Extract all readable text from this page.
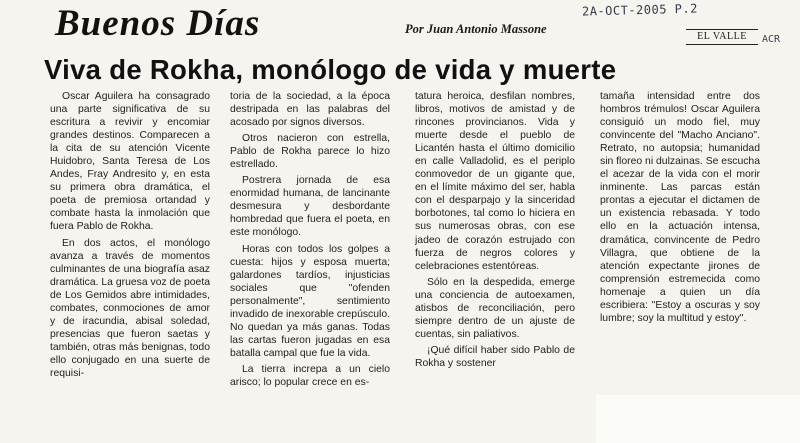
Buenos Días	Por Juan Antonio Massone
2A-OCT-2005 P.2
EL VALLE	ACR
Viva de Rokha, monólogo de vida y muerte

Oscar Aguilera ha consagrado una parte significativa de su escritura a revivir y encomiar grandes destinos. Comparecen a la cita de su atención Vicente Huidobro, Santa Teresa de Los Andes, Fray Andresito y, en esta su primera obra dramática, el poeta de premiosa ortandad y combate hasta la inmolación que fuera Pablo de Rokha.

En dos actos, el monólogo avanza a través de momentos culminantes de una biografía asaz dramática. La gruesa voz de poeta de Los Gemidos abre intimidades, combates, conmociones de amor y de iracundia, abisal soledad, presencias que fueron saetas y también, otras más benignas, todo ello conjugado en una suerte de requisi-

toria de la sociedad, a la época destripada en las palabras del acosado por signos diversos.

Otros nacieron con estrella, Pablo de Rokha parece lo hizo estrellado.

Postrera jornada de esa enormidad humana, de lancinante desmesura y desbordante hombredad que fuera el poeta, en este monólogo.

Horas con todos los golpes a cuesta: hijos y esposa muerta; galardones tardíos, injusticias sociales que "ofenden personalmente", sentimiento invadido de inexorable crepúsculo. No quedan ya más ganas. Todas las cartas fueron jugadas en esa batalla campal que fue la vida.

La tierra increpa a un cielo arisco; lo popular crece en es-

tatura heroica, desfilan nombres, libros, motivos de amistad y de rincones provincianos. Vida y muerte desde el pueblo de Licantén hasta el último domicilio en calle Valladolid, es el periplo conmovedor de un gigante que, en el límite máximo del ser, habla con el desparpajo y la sinceridad borbotones, tal como lo hiciera en sus numerosas obras, con ese jadeo de corazón estrujado con fuerza de negros colores y celebraciones estentóreas.

Sólo en la despedida, emerge una conciencia de autoexamen, atisbos de reconciliación, pero siempre dentro de un ajuste de cuentas, sin paliativos.

¡Qué difícil haber sido Pablo de Rokha y sostener

tamaña intensidad entre dos hombros trémulos! Oscar Aguilera consiguió un modo fiel, muy convincente del "Macho Anciano". Retrato, no autopsia; humanidad sin floreo ni dulzainas. Se escucha el acezar de la vida con el morir inminente. Las parcas están prontas a ejecutar el dictamen de un existencia rebasada. Y todo ello en la actuación intensa, dramática, convincente de Pedro Villagra, que obtiene de la atención expectante jirones de comprensión estremecida como homenaje a quien un día escribiera: "Estoy a oscuras y soy lumbre; soy la multitud y estoy".
